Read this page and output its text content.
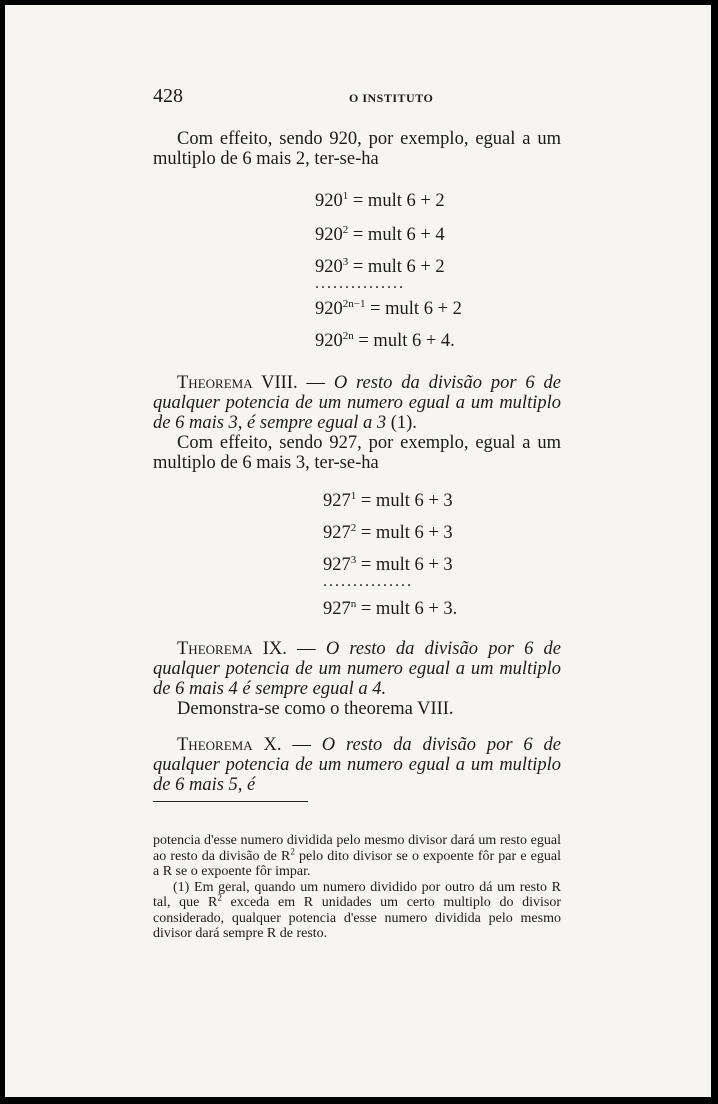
428	O INSTITUTO

Com effeito, sendo 920, por exemplo, egual a um multiplo de 6 mais 2, ter-se-ha

$920^1$ = mult 6 + 2
$920^2$ = mult 6 + 4
$920^3$ = mult 6 + 2
...............
$920^{2n-1}$ = mult 6 + 2
$920^{2n}$ = mult 6 + 4.

Theorema VIII. — O resto da divisão por 6 de qualquer potencia de um numero egual a um multiplo de 6 mais 3, é sempre egual a 3 (1).

Com effeito, sendo 927, por exemplo, egual a um multiplo de 6 mais 3, ter-se-ha

$927^1$ = mult 6 + 3
$927^2$ = mult 6 + 3
$927^3$ = mult 6 + 3
...............
$927^n$ = mult 6 + 3.

Theorema IX. — O resto da divisão por 6 de qualquer potencia de um numero egual a um multiplo de 6 mais 4 é sempre egual a 4.

Demonstra-se como o theorema VIII.

Theorema X. — O resto da divisão por 6 de qualquer potencia de um numero egual a um multiplo de 6 mais 5, é

potencia d'esse numero dividida pelo mesmo divisor dará um resto egual ao resto da divisão de $R^2$ pelo dito divisor se o expoente fôr par e egual a R se o expoente fôr impar.

(1) Em geral, quando um numero dividido por outro dá um resto R tal, que $R^2$ exceda em R unidades um certo multiplo do divisor considerado, qualquer potencia d'esse numero dividida pelo mesmo divisor dará sempre R de resto.
